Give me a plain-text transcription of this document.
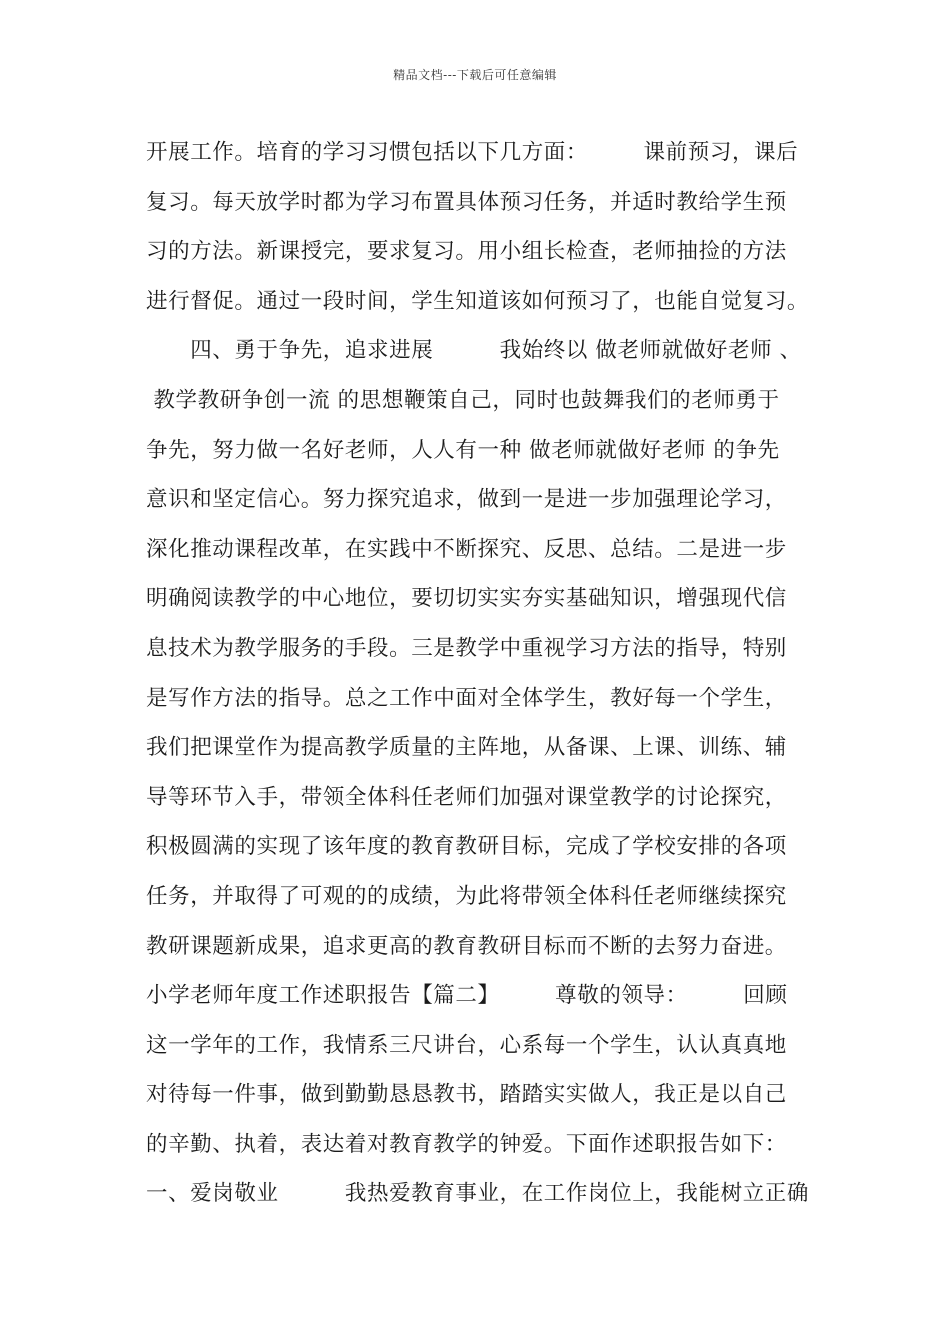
精品文档---下载后可任意编辑
开展工作。培育的学习习惯包括以下几方面：　　　课前预习，课后
复习。每天放学时都为学习布置具体预习任务，并适时教给学生预
习的方法。新课授完，要求复习。用小组长检查，老师抽捡的方法
进行督促。通过一段时间，学生知道该如何预习了，也能自觉复习。
　　四、勇于争先，追求进展　　　我始终以 做老师就做好老师 、
教学教研争创一流 的思想鞭策自己，同时也鼓舞我们的老师勇于
争先，努力做一名好老师，人人有一种 做老师就做好老师 的争先
意识和坚定信心。努力探究追求，做到一是进一步加强理论学习，
深化推动课程改革，在实践中不断探究、反思、总结。二是进一步
明确阅读教学的中心地位，要切切实实夯实基础知识，增强现代信
息技术为教学服务的手段。三是教学中重视学习方法的指导，特别
是写作方法的指导。总之工作中面对全体学生，教好每一个学生，
我们把课堂作为提高教学质量的主阵地，从备课、上课、训练、辅
导等环节入手，带领全体科任老师们加强对课堂教学的讨论探究，
积极圆满的实现了该年度的教育教研目标，完成了学校安排的各项
任务，并取得了可观的的成绩，为此将带领全体科任老师继续探究
教研课题新成果，追求更高的教育教研目标而不断的去努力奋进。
小学老师年度工作述职报告【篇二】　　　尊敬的领导：　　　回顾
这一学年的工作，我情系三尺讲台，心系每一个学生，认认真真地
对待每一件事，做到勤勤恳恳教书，踏踏实实做人，我正是以自己
的辛勤、执着，表达着对教育教学的钟爱。下面作述职报告如下：
一、爱岗敬业　　　我热爱教育事业，在工作岗位上，我能树立正确
